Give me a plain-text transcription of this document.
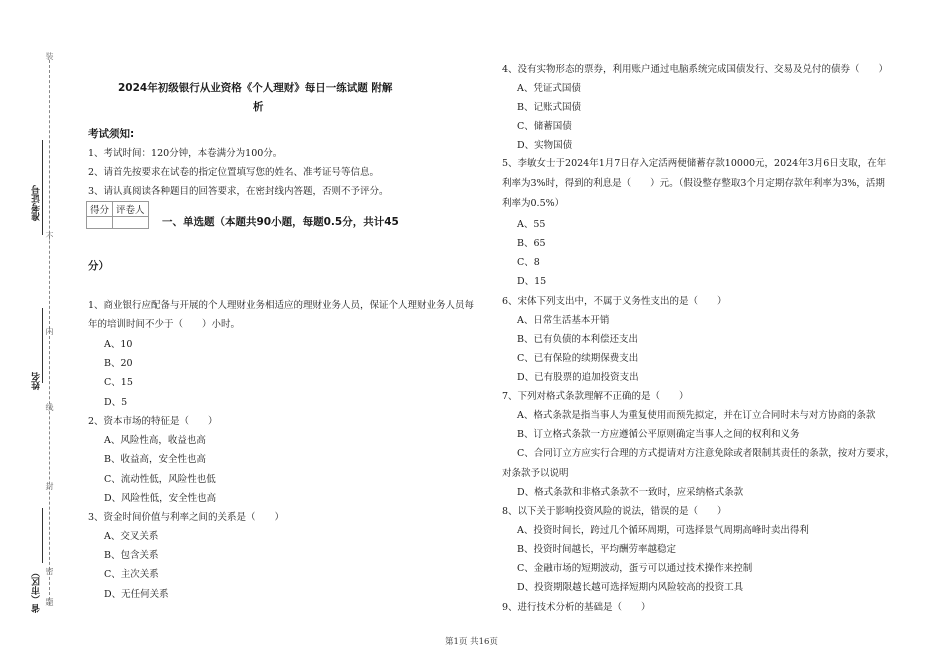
装
准考证号
不
内
姓名
线
封
密
省（市区） 题
2024年初级银行从业资格《个人理财》每日一练试题 附解
析
考试须知:
1、考试时间：120分钟，本卷满分为100分。
2、请首先按要求在试卷的指定位置填写您的姓名、准考证号等信息。
3、请认真阅读各种题目的回答要求，在密封线内答题，否则不予评分。
得分	评卷人

一、单选题（本题共90小题，每题0.5分，共计45
分）
1、商业银行应配备与开展的个人理财业务相适应的理财业务人员，保证个人理财业务人员每
年的培训时间不少于（　　）小时。
A、10
B、20
C、15
D、5
2、资本市场的特征是（　　）
A、风险性高，收益也高
B、收益高，安全性也高
C、流动性低，风险性也低
D、风险性低，安全性也高
3、资金时间价值与利率之间的关系是（　　）
A、交叉关系
B、包含关系
C、主次关系
D、无任何关系
4、没有实物形态的票券，利用账户通过电脑系统完成国债发行、交易及兑付的债券（　　）
A、凭证式国债
B、记账式国债
C、储蓄国债
D、实物国债
5、李敏女士于2024年1月7日存入定活两便储蓄存款10000元，2024年3月6日支取，在年
利率为3%时，得到的利息是（　　）元。（假设整存整取3个月定期存款年利率为3%，活期
利率为0.5%）
A、55
B、65
C、8
D、15
6、宋体下列支出中，不属于义务性支出的是（　　）
A、日常生活基本开销
B、已有负债的本利偿还支出
C、已有保险的续期保费支出
D、已有股票的追加投资支出
7、下列对格式条款理解不正确的是（　　）
A、格式条款是指当事人为重复使用而预先拟定，并在订立合同时未与对方协商的条款
B、订立格式条款一方应遵循公平原则确定当事人之间的权利和义务
C、合同订立方应实行合理的方式提请对方注意免除或者限制其责任的条款，按对方要求，
对条款予以说明
D、格式条款和非格式条款不一致时，应采纳格式条款
8、以下关于影响投资风险的说法，错误的是（　　）
A、投资时间长，跨过几个循环周期，可选择景气周期高峰时卖出得利
B、投资时间越长，平均酬劳率越稳定
C、金融市场的短期波动，蛋亏可以通过技术操作来控制
D、投资期限越长越可选择短期内风险较高的投资工具
9、进行技术分析的基础是（　　）
第1页 共16页
